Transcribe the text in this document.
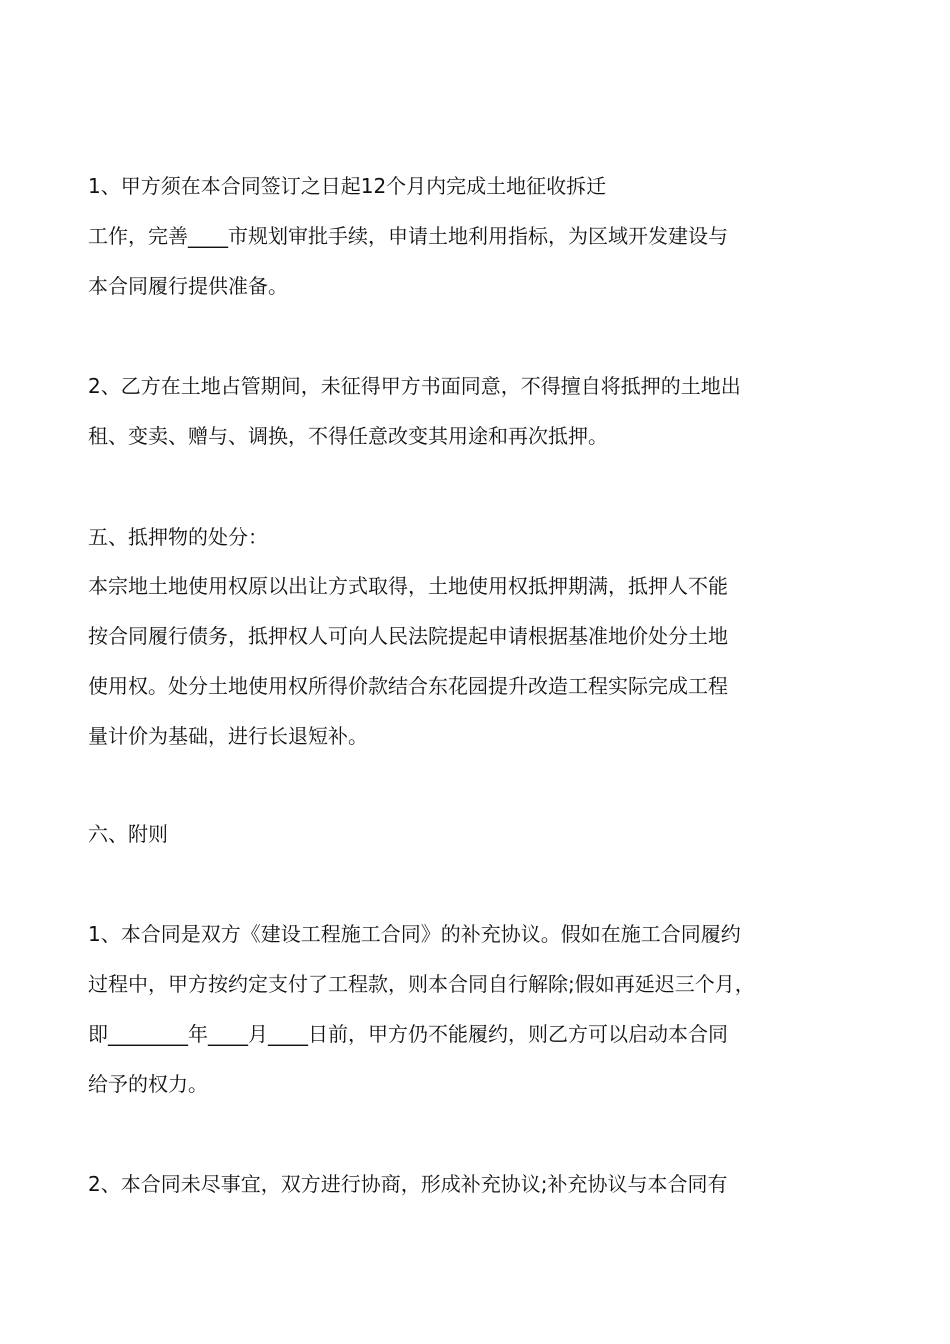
1、甲方须在本合同签订之日起12个月内完成土地征收拆迁
工作，完善____市规划审批手续，申请土地利用指标，为区域开发建设与
本合同履行提供准备。
2、乙方在土地占管期间，未征得甲方书面同意，不得擅自将抵押的土地出
租、变卖、赠与、调换，不得任意改变其用途和再次抵押。
五、抵押物的处分：
本宗地土地使用权原以出让方式取得，土地使用权抵押期满，抵押人不能
按合同履行债务，抵押权人可向人民法院提起申请根据基准地价处分土地
使用权。处分土地使用权所得价款结合东花园提升改造工程实际完成工程
量计价为基础，进行长退短补。
六、附则
1、本合同是双方《建设工程施工合同》的补充协议。假如在施工合同履约
过程中，甲方按约定支付了工程款，则本合同自行解除;假如再延迟三个月，
即________年____月____日前，甲方仍不能履约，则乙方可以启动本合同
给予的权力。
2、本合同未尽事宜，双方进行协商，形成补充协议;补充协议与本合同有
